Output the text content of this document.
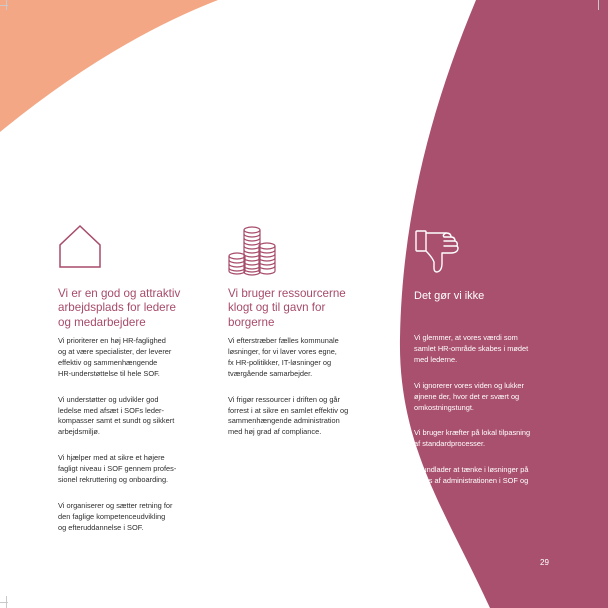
Vi er en god og attraktiv
arbejdsplads for ledere
og medarbejdere

Vi prioriterer en høj HR-faglighed
og at være specialister, der leverer
effektiv og sammenhængende
HR-understøttelse til hele SOF.

Vi understøtter og udvikler god
ledelse med afsæt i SOFs leder-
kompasser samt et sundt og sikkert
arbejdsmiljø.

Vi hjælper med at sikre et højere
fagligt niveau i SOF gennem profes-
sionel rekruttering og onboarding.

Vi organiserer og sætter retning for
den faglige kompetenceudvikling
og efteruddannelse i SOF.

Vi bruger ressourcerne
klogt og til gavn for
borgerne

Vi efterstræber fælles kommunale
løsninger, for vi laver vores egne,
fx HR-politikker, IT-løsninger og
tværgående samarbejder.

Vi frigør ressourcer i driften og går
forrest i at sikre en samlet effektiv og
sammenhængende administration
med høj grad af compliance.

Det gør vi ikke

Vi glemmer, at vores værdi som
samlet HR-område skabes i mødet
med lederne.

Vi ignorerer vores viden og lukker
øjnene der, hvor det er svært og
omkostningstungt.

Vi bruger kræfter på lokal tilpasning
af standardprocesser.

Vi undlader at tænke i løsninger på
tværs af administrationen i SOF og
KK.

29
